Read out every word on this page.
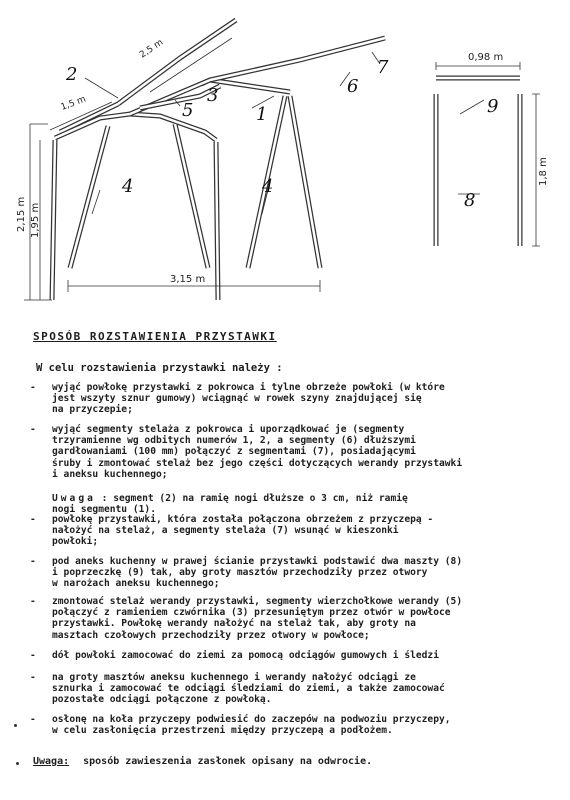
2,5 m
1,5 m
3,15 m
2,15 m 1,95 m
0,98 m
1,8 m
2
3
5	1
6
7
4	4
9
8
SPOSÓB ROZSTAWIENIA PRZYSTAWKI
W celu rozstawienia przystawki należy :
- wyjąć powłokę przystawki z pokrowca i tylne obrzeże powłoki (w które
jest wszyty sznur gumowy) wciągnąć w rowek szyny znajdującej się
na przyczepie;
- wyjąć segmenty stelaża z pokrowca i uporządkować je (segmenty
trzyramienne wg odbitych numerów 1, 2, a segmenty (6) dłuższymi
gardłowaniami (100 mm) połączyć z segmentami (7), posiadającymi
śruby i zmontować stelaż bez jego części dotyczących werandy przystawki
i aneksu kuchennego;

Uwaga : segment (2) na ramię nogi dłuższe o 3 cm, niż ramię
nogi segmentu (1).

- powłokę przystawki, która została połączona obrzeżem z przyczepą -
nałożyć na stelaż, a segmenty stelaża (7) wsunąć w kieszonki
powłoki;
- pod aneks kuchenny w prawej ścianie przystawki podstawić dwa maszty (8)
i poprzeczkę (9) tak, aby groty masztów przechodziły przez otwory
w narożach aneksu kuchennego;
- zmontować stelaż werandy przystawki, segmenty wierzchołkowe werandy (5)
połączyć z ramieniem czwórnika (3) przesuniętym przez otwór w powłoce
przystawki. Powłokę werandy nałożyć na stelaż tak, aby groty na
masztach czołowych przechodziły przez otwory w powłoce;
- dół powłoki zamocować do ziemi za pomocą odciągów gumowych i śledzi
- na groty masztów aneksu kuchennego i werandy nałożyć odciągi ze
sznurka i zamocować te odciągi śledziami do ziemi, a także zamocować
pozostałe odciągi połączone z powłoką.
- osłonę na koła przyczepy podwiesić do zaczepów na podwoziu przyczepy,
w celu zasłonięcia przestrzeni między przyczepą a podłożem.
Uwaga: sposób zawieszenia zasłonek opisany na odwrocie.
